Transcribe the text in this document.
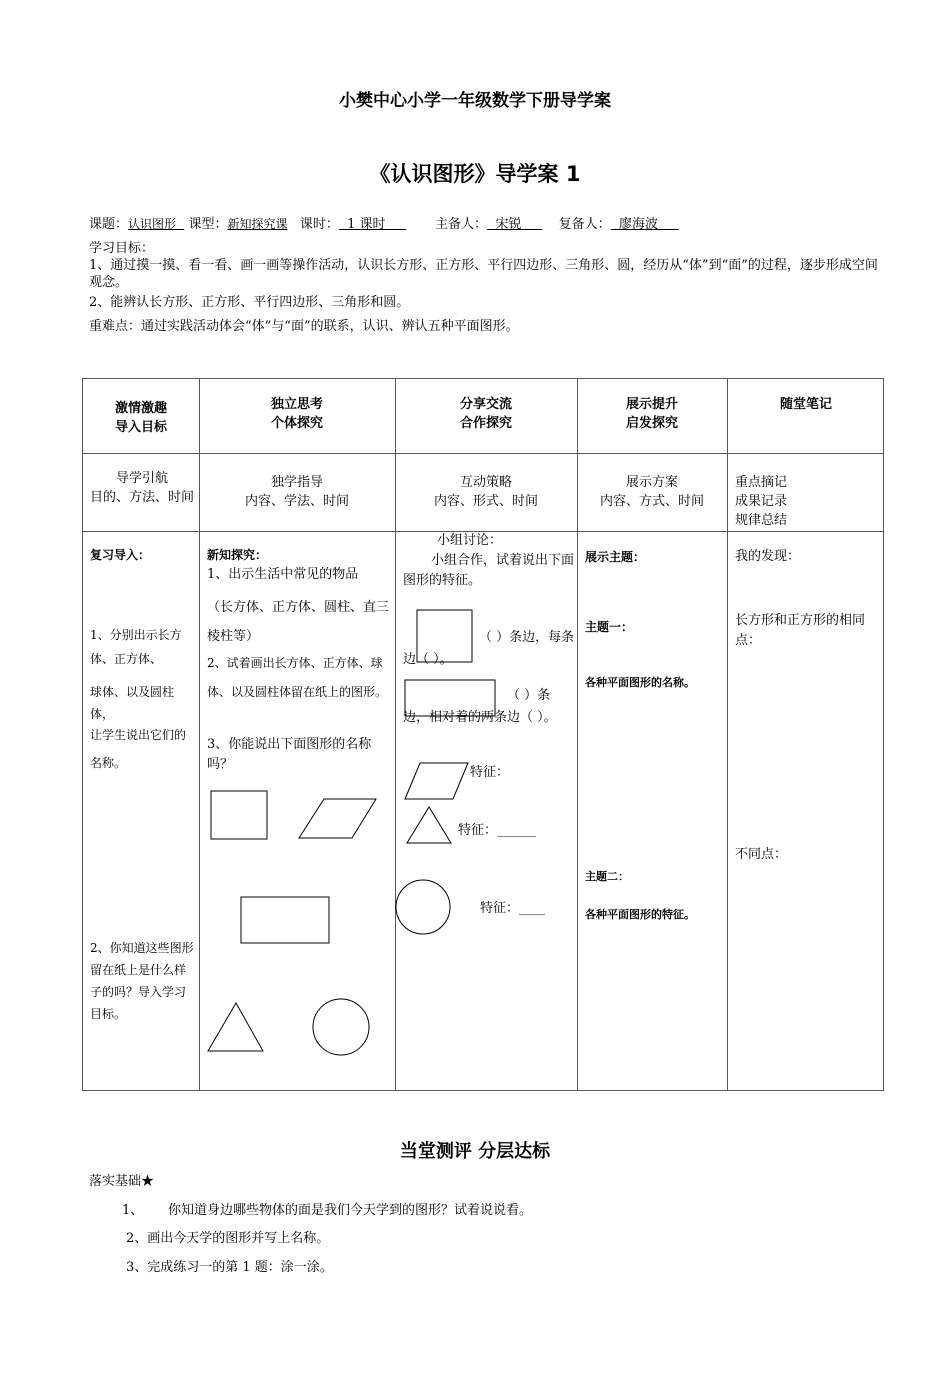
小樊中心小学一年级数学下册导学案
《认识图形》导学案 1
课题：认识图形 课型：新知探究课 课时： 1 课时	主备人： 宋锐	复备人： 廖海波
学习目标：
1、通过摸一摸、看一看、画一画等操作活动，认识长方形、正方形、平行四边形、三角形、圆，经历从“体”到“面”的过程，逐步形成空间观念。
2、能辨认长方形、正方形、平行四边形、三角形和圆。
重难点：通过实践活动体会“体”与“面”的联系，认识、辨认五种平面图形。
激情激趣
导入目标
独立思考
个体探究
分享交流
合作探究
展示提升
启发探究
随堂笔记
导学引航
目的、方法、时间
独学指导
内容、学法、时间
互动策略
内容、形式、时间
展示方案
内容、方式、时间
重点摘记
成果记录
规律总结
复习导入：
1、分别出示长方体、正方体、
球体、以及圆柱体，
让学生说出它们的名称。
2、你知道这些图形留在纸上是什么样子的吗？导入学习目标。
新知探究：
1、出示生活中常见的物品
（长方体、正方体、圆柱、直三棱柱等）
2、试着画出长方体、正方体、球体、以及圆柱体留在纸上的图形。
3、你能说出下面图形的名称吗？
小组讨论：
小组合作，试着说出下面图形的特征。
（ ）条边，每条边（ ）。
（ ）条边，相对着的两条边（ ）。
特征：
特征：______
特征：____
展示主题：
主题一：
各种平面图形的名称。
主题二：
各种平面图形的特征。
我的发现：
长方形和正方形的相同点：
不同点：
当堂测评 分层达标
落实基础★
1、 你知道身边哪些物体的面是我们今天学到的图形？试着说说看。
2、画出今天学的图形并写上名称。
3、完成练习一的第 1 题：涂一涂。
